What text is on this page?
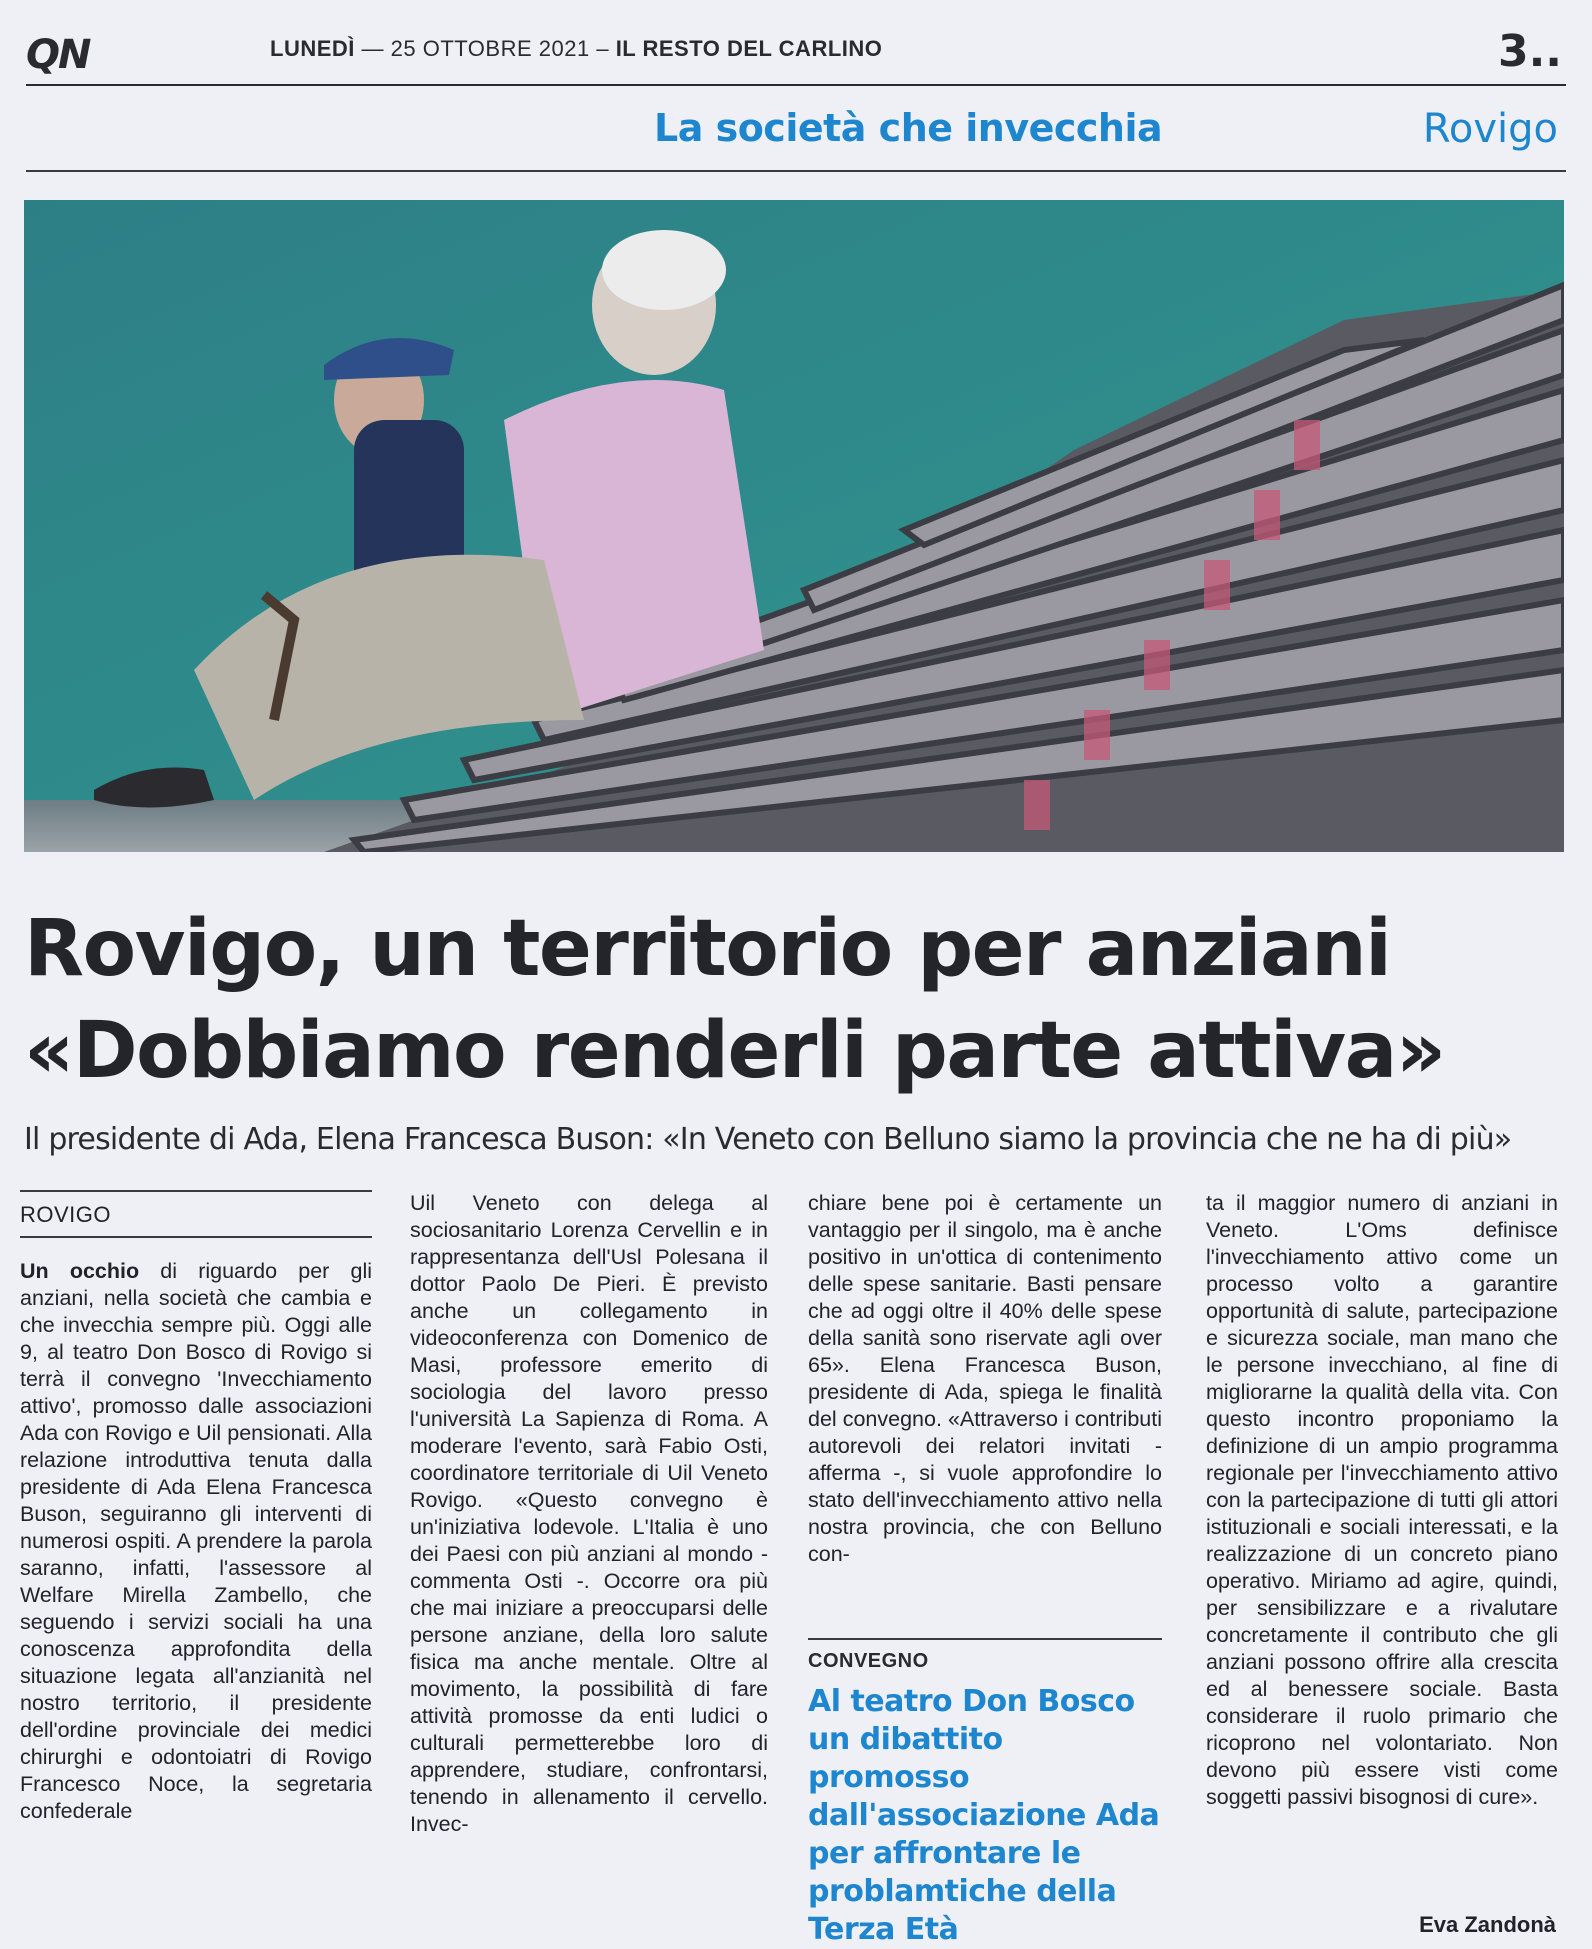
QN	LUNEDÌ — 25 OTTOBRE 2021 – IL RESTO DEL CARLINO	3..
La società che invecchia	Rovigo
Rovigo, un territorio per anziani
«Dobbiamo renderli parte attiva»
Il presidente di Ada, Elena Francesca Buson: «In Veneto con Belluno siamo la provincia che ne ha di più»
ROVIGO

Un occhio di riguardo per gli anziani, nella società che cambia e che invecchia sempre più. Oggi alle 9, al teatro Don Bosco di Rovigo si terrà il convegno 'Invecchiamento attivo', promosso dalle associazioni Ada con Rovigo e Uil pensionati. Alla relazione introduttiva tenuta dalla presidente di Ada Elena Francesca Buson, seguiranno gli interventi di numerosi ospiti. A prendere la parola saranno, infatti, l'assessore al Welfare Mirella Zambello, che seguendo i servizi sociali ha una conoscenza approfondita della situazione legata all'anzianità nel nostro territorio, il presidente dell'ordine provinciale dei medici chirurghi e odontoiatri di Rovigo Francesco Noce, la segretaria confederale

Uil Veneto con delega al sociosanitario Lorenza Cervellin e in rappresentanza dell'Usl Polesana il dottor Paolo De Pieri. È previsto anche un collegamento in videoconferenza con Domenico de Masi, professore emerito di sociologia del lavoro presso l'università La Sapienza di Roma. A moderare l'evento, sarà Fabio Osti, coordinatore territoriale di Uil Veneto Rovigo. «Questo convegno è un'iniziativa lodevole. L'Italia è uno dei Paesi con più anziani al mondo - commenta Osti -. Occorre ora più che mai iniziare a preoccuparsi delle persone anziane, della loro salute fisica ma anche mentale. Oltre al movimento, la possibilità di fare attività promosse da enti ludici o culturali permetterebbe loro di apprendere, studiare, confrontarsi, tenendo in allenamento il cervello. Invec-

chiare bene poi è certamente un vantaggio per il singolo, ma è anche positivo in un'ottica di contenimento delle spese sanitarie. Basti pensare che ad oggi oltre il 40% delle spese della sanità sono riservate agli over 65». Elena Francesca Buson, presidente di Ada, spiega le finalità del convegno. «Attraverso i contributi autorevoli dei relatori invitati - afferma -, si vuole approfondire lo stato dell'invecchiamento attivo nella nostra provincia, che con Belluno con-

CONVEGNO
Al teatro Don Bosco un dibattito promosso dall'associazione Ada per affrontare le problamtiche della Terza Età

ta il maggior numero di anziani in Veneto. L'Oms definisce l'invecchiamento attivo come un processo volto a garantire opportunità di salute, partecipazione e sicurezza sociale, man mano che le persone invecchiano, al fine di migliorarne la qualità della vita. Con questo incontro proponiamo la definizione di un ampio programma regionale per l'invecchiamento attivo con la partecipazione di tutti gli attori istituzionali e sociali interessati, e la realizzazione di un concreto piano operativo. Miriamo ad agire, quindi, per sensibilizzare e a rivalutare concretamente il contributo che gli anziani possono offrire alla crescita ed al benessere sociale. Basta considerare il ruolo primario che ricoprono nel volontariato. Non devono più essere visti come soggetti passivi bisognosi di cure».

Eva Zandonà
